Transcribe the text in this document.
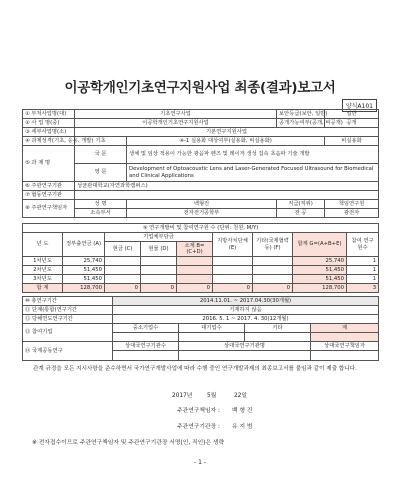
이공학개인기초연구지원사업 최종(결과)보고서
양식A101
① 부처사업명(대)	기초연구사업		보안등급(보안, 일반)	일반
② 사 업 명(중)	이공학개인기초연구지원사업		공개가능여부(공개, 비공개)	공개
③ 세부사업명(소)	기본연구지원사업			
④ 과제성격(기초, 응용, 개발)	기초	④-1 실용화 대상여부(실용화, 비실용화)		비실용화
⑤ 과 제 명	국 문	생체 및 임상 적용이 가능한 광음파 렌즈 및 레이저 생성 집속 초음파 기술 개발		
	영 문	Development of Optoacoustic Lens and Laser-Generated Focused Ultrasound for Biomedical and Clinical Applications		
⑥ 주관연구기관	성균관대학교(자연과학캠퍼스)			
⑦ 협동연구기관				
⑧ 주관연구책임자	성 명	백형진	직급(직위)	책임연구원
	소속부서	전자전기공학부	전 공	광전자
⑨ 연구개발비 및 참여연구원 수 (단위: 천원, M/Y)								
년 도	정부출연금 (A)	기업체부담금			지방자치단체 (E)	기타(국제협력등) (F)	합계 G=(A+B+E)	참여 연구원수
		현금 (C)	현물 (D)	소계 B=(C+D)				
1차년도	25,740						25,740	1
2차년도	51,450						51,450	1
3차년도	51,450						51,450	1
합 계	128,700	0	0	0	0	0	128,700	3
⑩ 총연구기간	2014.11.01. ~ 2017.04.30(30개월)			
⑪ 단계(통합)연구기간	기재하지 않음			
⑫ 당해연도연구기간	2016. 5. 1 ~ 2017. 4. 30(12개월)			
⑬ 참여기업	중소기업수	대기업수	기타	계

⑭ 국제공동연구	상대국연구기관수	상대국연구기관명		상대국연구책임자

관계 규정을 모든 지시사항을 준수하면서 국가연구개발사업에 따라 수행 중인 연구개발과제의 최종보고서를 붙임과 같이 제출 합니다.
2017년	5월	22일
주관연구책임자 : 백 형 진
주관연구기관장 : 유 지 범
※ 전자접수이므로 주관연구책임자 및 주관연구기관장 서명(인, 직인)은 생략
- 1 -
